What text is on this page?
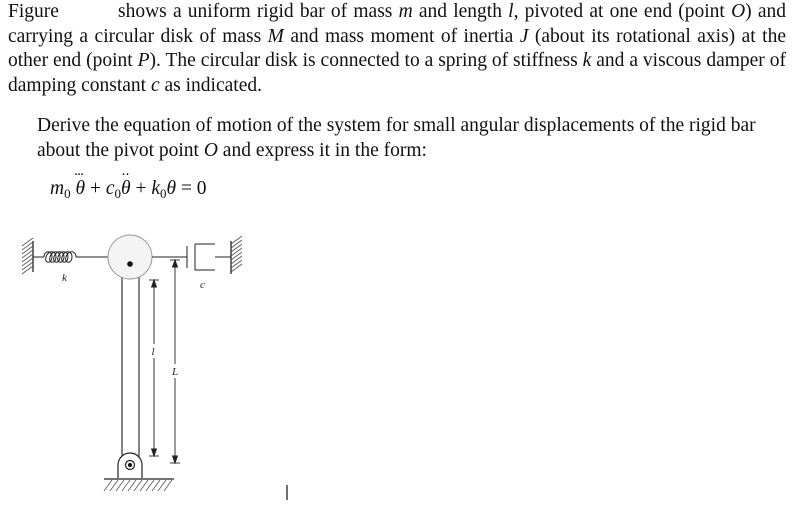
Figure	shows a uniform rigid bar of mass m and length l, pivoted at one end (point O) and carrying a circular disk of mass M and mass moment of inertia J (about its rotational axis) at the other end (point P). The circular disk is connected to a spring of stiffness k and a viscous damper of damping constant c as indicated.
Derive the equation of motion of the system for small angular displacements of the rigid bar about the pivot point O and express it in the form:
$m_0$ ··· $\theta + c_0\cdot\cdot \theta + k_0\theta = 0$
k
c
l
L
